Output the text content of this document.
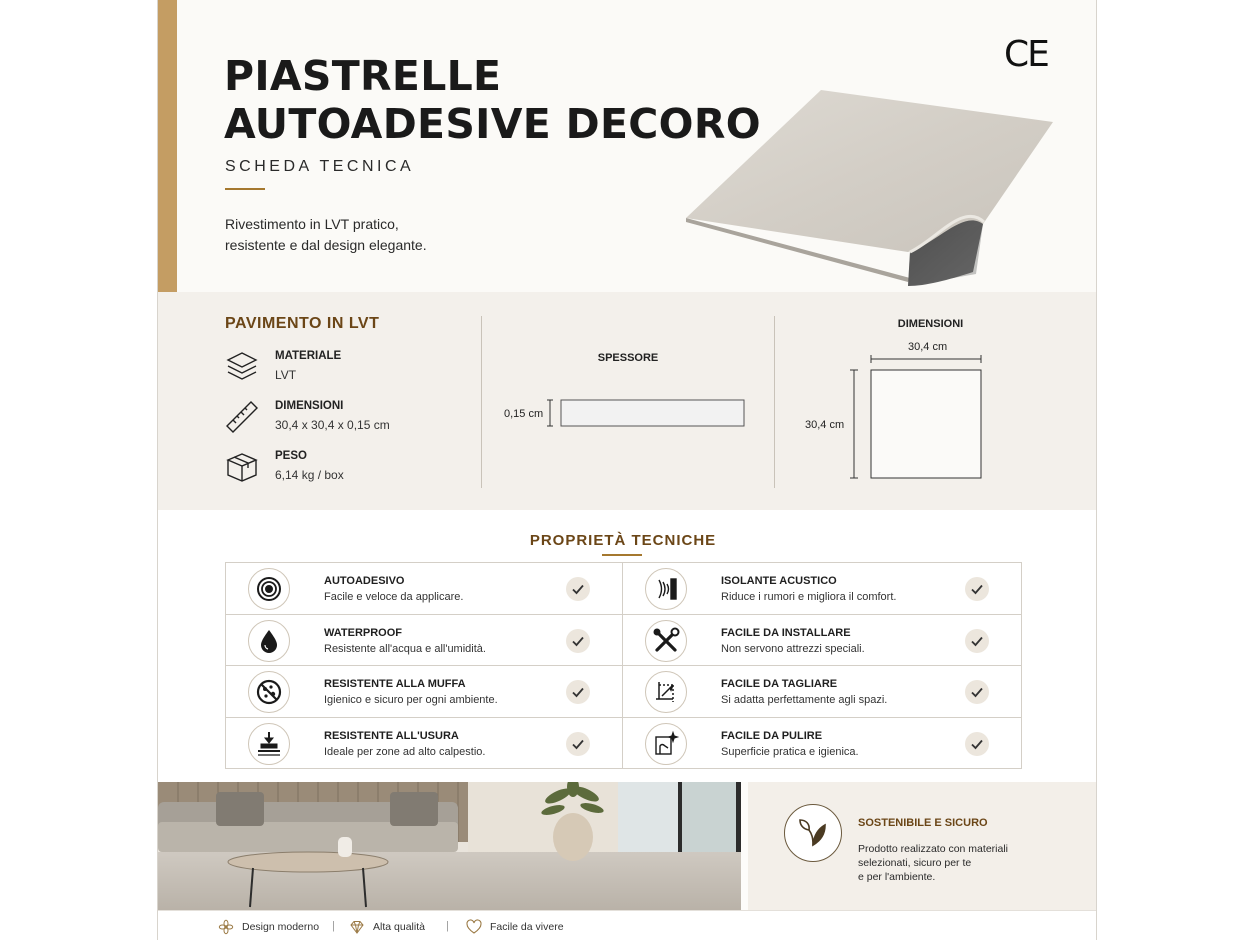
PIASTRELLE
AUTOADESIVE DECORO
SCHEDA TECNICA
Rivestimento in LVT pratico,
resistente e dal design elegante.
CE
PAVIMENTO IN LVT
MATERIALE
LVT
DIMENSIONI
30,4 x 30,4 x 0,15 cm
PESO
6,14 kg / box
SPESSORE
0,15 cm
DIMENSIONI
30,4 cm
30,4 cm
PROPRIETÀ TECNICHE
AUTOADESIVO
Facile e veloce da applicare.
ISOLANTE ACUSTICO
Riduce i rumori e migliora il comfort.
WATERPROOF
Resistente all'acqua e all'umidità.
FACILE DA INSTALLARE
Non servono attrezzi speciali.
RESISTENTE ALLA MUFFA
Igienico e sicuro per ogni ambiente.
FACILE DA TAGLIARE
Si adatta perfettamente agli spazi.
RESISTENTE ALL'USURA
Ideale per zone ad alto calpestio.
FACILE DA PULIRE
Superficie pratica e igienica.
SOSTENIBILE E SICURO
Prodotto realizzato con materiali
selezionati, sicuro per te
e per l'ambiente.
Design moderno |	Alta qualità |	Facile da vivere
